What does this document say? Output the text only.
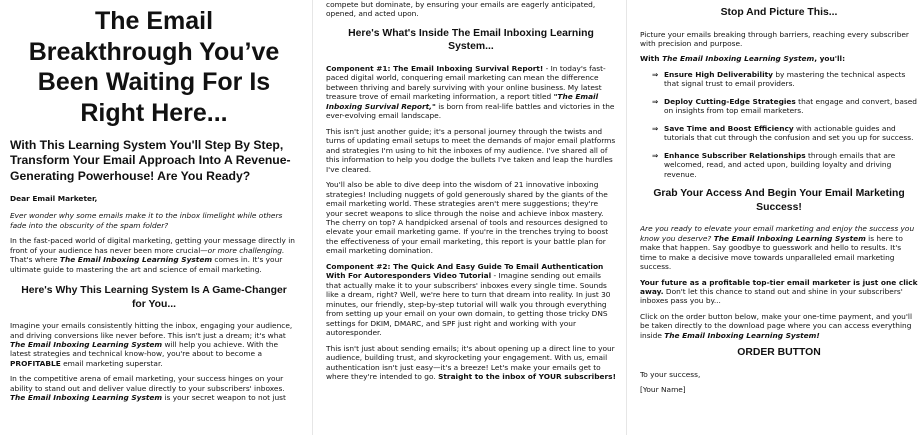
The Email Breakthrough You’ve Been Waiting For Is Right Here...
With This Learning System You'll Step By Step, Transform Your Email Approach Into A Revenue-Generating Powerhouse! Are You Ready?

Dear Email Marketer,

Ever wonder why some emails make it to the inbox limelight while others fade into the obscurity of the spam folder?

In the fast-paced world of digital marketing, getting your message directly in front of your audience has never been more crucial—or more challenging. That's where The Email Inboxing Learning System comes in. It's your ultimate guide to mastering the art and science of email marketing.

Here's Why This Learning System Is A Game-Changer for You...

Imagine your emails consistently hitting the inbox, engaging your audience, and driving conversions like never before. This isn't just a dream; it's what The Email Inboxing Learning System will help you achieve. With the latest strategies and technical know-how, you're about to become a PROFITABLE email marketing superstar.

In the competitive arena of email marketing, your success hinges on your ability to stand out and deliver value directly to your subscribers' inboxes. The Email Inboxing Learning System is your secret weapon to not just

compete but dominate, by ensuring your emails are eagerly anticipated, opened, and acted upon.

Here's What's Inside The Email Inboxing Learning System...

Component #1: The Email Inboxing Survival Report! - In today's fast-paced digital world, conquering email marketing can mean the difference between thriving and barely surviving with your online business. My latest treasure trove of email marketing information, a report titled "The Email Inboxing Survival Report," is born from real-life battles and victories in the ever-evolving email landscape.

This isn't just another guide; it's a personal journey through the twists and turns of updating email setups to meet the demands of major email platforms and strategies I'm using to hit the inboxes of my audience. I've shared all of this information to help you dodge the bullets I've taken and leap the hurdles I've cleared.

You'll also be able to dive deep into the wisdom of 21 innovative inboxing strategies! Including nuggets of gold generously shared by the giants of the email marketing world. These strategies aren't mere suggestions; they're your secret weapons to slice through the noise and achieve inbox mastery. The cherry on top? A handpicked arsenal of tools and resources designed to elevate your email marketing game. If you're in the trenches trying to boost the effectiveness of your email marketing, this report is your battle plan for email marketing domination.

Component #2: The Quick And Easy Guide To Email Authentication With For Autoresponders Video Tutorial - Imagine sending out emails that actually make it to your subscribers' inboxes every single time. Sounds like a dream, right? Well, we're here to turn that dream into reality. In just 30 minutes, our friendly, step-by-step tutorial will walk you through everything from setting up your email on your own domain, to getting those tricky DNS settings for DKIM, DMARC, and SPF just right and working with your autoresponder.

This isn't just about sending emails; it's about opening up a direct line to your audience, building trust, and skyrocketing your engagement. With us, email authentication isn't just easy—it's a breeze! Let's make your emails get to where they're intended to go. Straight to the inbox of YOUR subscribers!

Stop And Picture This...

Picture your emails breaking through barriers, reaching every subscriber with precision and purpose.

With The Email Inboxing Learning System, you'll:

⇒ Ensure High Deliverability by mastering the technical aspects that signal trust to email providers.
⇒ Deploy Cutting-Edge Strategies that engage and convert, based on insights from top email marketers.
⇒ Save Time and Boost Efficiency with actionable guides and tutorials that cut through the confusion and set you up for success.
⇒ Enhance Subscriber Relationships through emails that are welcomed, read, and acted upon, building loyalty and driving revenue.
Grab Your Access And Begin Your Email Marketing Success!

Are you ready to elevate your email marketing and enjoy the success you know you deserve? The Email Inboxing Learning System is here to make that happen. Say goodbye to guesswork and hello to results. It's time to make a decisive move towards unparalleled email marketing success.

Your future as a profitable top-tier email marketer is just one click away. Don't let this chance to stand out and shine in your subscribers' inboxes pass you by...

Click on the order button below, make your one-time payment, and you'll be taken directly to the download page where you can access everything inside The Email Inboxing Learning System!

ORDER BUTTON

To your success,

[Your Name]
